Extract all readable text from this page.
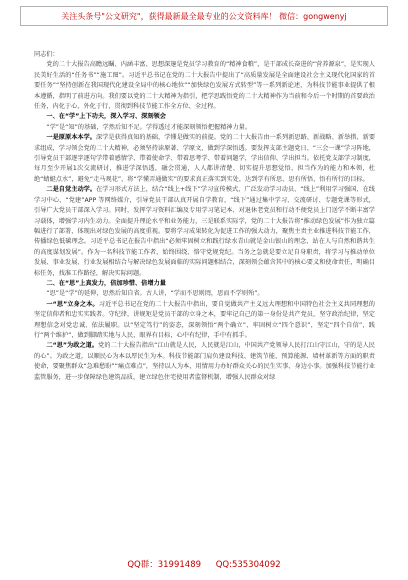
关注头条号"公文研究"，获得最新最全最专业的公文资料库！ 微信：gongwenyj

同志们：

党的二十大报告高瞻远瞩、内涵丰富、思想深邃是党员学习教育的“精神食粮”，是干部成长奋进的“营养源泉”，是实现人民美好生活的“任务书”“施工图”。习近平总书记在党的二十大报告中提出了“高质量发展是全面建设社会主义现代化国家的首要任务”“坚持创新在我国现代化建设全局中的核心地位”“加快绿色发展方式转型”等一系列新论述，为科技节能事业提供了根本遵循，指明了前进方向。我们要以党的二十大精神为指引，把学思践悟党的二十大精神作为当前和今后一个时期的首要政治任务，内化于心、外化于行，贯彻到科技节能工作全方位、全过程。

一、在“学”上下功夫，深入学习、深刻领会

“学”是“知”的基础，学然后知不足。学得透过才能深刻领悟把握精神力量。

一是原原本本学。深学是获得真知的基础，学懂是做实的前提。党的二十大报告由一系列新思路、新战略、新举措、新要求组成，学习领会党的二十大精神，必须坚持读原著、学原文、做到学深悟透。要发挥支部主题党日、“三会一课”学习阵地，引导党员干部逐字逐句学带着感情学、带着使命学、带着思考学、带着问题学，学出信仰、学出担当。依托党支部学习制度，每月至少开展1次交流研讨，推进学深悟透，融会贯通，人人都讲清楚、切实提升思想觉悟、担当作为的能力和本领，杜绝“蜻蜓点水”，避免“走马观花”，将“学懂弄通做实”的要求真正落实到实处，达到学有所思、思有所悟、悟有所行的目标。

二是自觉主动学。在学习形式方法上，结合“线上+线下”学习宣传模式，广泛发动学习动员、“线上”利用学习强国、在线学习中心、“党建”APP 等网络媒介，引导党员干部认真开展自学教育，“线下”通过集中学习、交流研讨、专题党课等形式，引导广大党员干部深入学习。同时，发挥学习资料汇编及专用学习笔记本、对退休老党员和行动不便党员上门送学不断丰富学习载体，增强学习内生动力。全面提升理论水平和业务能力，三是联系实际学，党的二十大报告将“推动绿色发展”作为独立篇幅进行了部署，体现出对绿色发展的高度重视。要将学习成果转化为促进工作的强大动力，聚焦主责主业推进科技节能工作，传播绿色低碳理念。习近平总书记在报告中指出“必须牢固树立和践行绿水青山就是金山银山的理念，站在人与自然和谐共生的高度谋划发展”。作为一名科技节能工作者，始终围绕、恪守党规党纪。当务之急就是要立足自身职责，将学习与推动单位发展、事业发展、行业发展相结合与解决绿色发展面临的实际问题相结合，深刻领会蕴含其中的核心要义和使命责任，明确目标任务，找准工作路径，解决实际问题。

二、在“思”上真发力，倍加珍惜、倍增力量

“思”是“学”的延伸，思然后知自省。古人讲，“学而不思则罔，思而不学则殆”。

一“思”立身之本。习近平总书记在党的二十大报告中指出，要自觉做共产主义远大理想和中国特色社会主义共同理想的坚定信仰者和忠实实践者。守纪律，讲规矩是党员干部的立身之本，要牢记自己的第一身份是共产党员，坚守政治纪律，坚定理想信念对党忠诚、依法履职。以“坚定笃行”的姿态，深刻领悟“两个确立”、牢固树立“四个意识”，坚定“四个自信”，践行“两个维护”，做到脚踏实地与人民、眼界有目标，心中有纪律，手中有抓手。

二“思”为政之道。党的二十大报告指出“江山就是人民，人民就是江山，中国共产党领导人民打江山守江山，守的是人民的心”。为政之道，以顺民心为本以厚民生为本。科技节能部门肩负建设科技、建筑节能、预算能源、墙材革新等方面的职责使命，要聚焦群众“急难愁盼”“痛点难点”，坚持以人为本，用情用力办好群众关心的民生实事、身边小事。加强科技节能行业监管服务，进一步保障绿色建筑品质，建立绿色住宅使用者监督机制，增强人民群众对绿

QQ群：31991489 QQ:535304092
